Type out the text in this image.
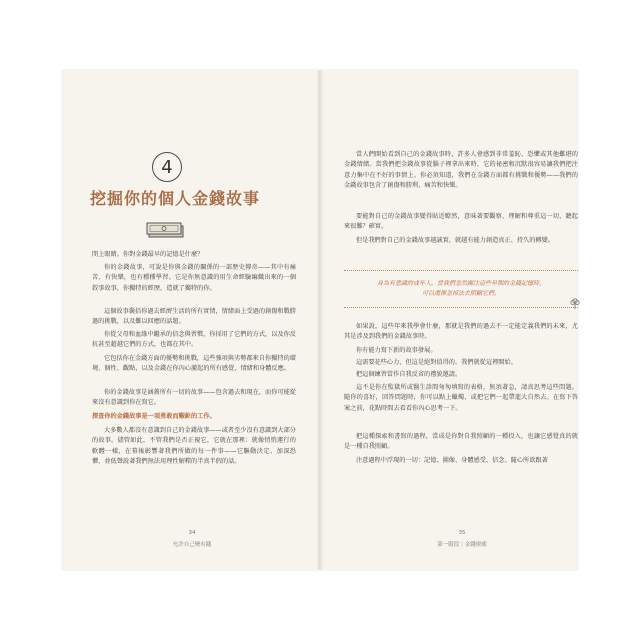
4
挖掘你的個人金錢故事

閉上眼睛。你對金錢最早的記憶是什麼？

你的金錢故事，可說是你與金錢的關係的一部歷史傳奇——其中有痛苦、有快樂，也有種種學習。它是你無意識的用生命經驗編織出來的一個敘事故事，你獨特的經歷，造就了獨特的你。

這個故事囊括你過去經濟生活的所有實情，情緒面上受過的創傷和戰勝過的挑戰，以及難以回應的話題。

你從父母和血緣中繼承的信念與習慣，你採用了它們的方式，以及你反抗甚至超越它們的方式，也都在其中。

它包括你在金錢方面的優勢和挑戰，這些強項與劣勢都來自你獨特的環境、個性、觀點，以及金錢在你內心激起的所有感覺、情緒和身體反應。

你的金錢故事是涵蓋所有一切的故事——包含過去和現在，而你可能從來沒有意識到你在寫它。

探查你的金錢故事是一項勇敢而艱鉅的工作。

大多數人都沒有意識到自己的金錢故事——或者至少沒有意識到大部分的故事。儘管如此，不管我們是否正視它，它就在那裡：就像悄悄運行的軟體一樣，在幕後影響著我們所做的每一件事——它驅動決定、加深恐懼，並低聲說著我們無法用理性解釋的半真半假的話。

34
允許自己變有錢

當人們開始看到自己的金錢故事時，許多人會感到非常羞恥、恐懼或其他難堪的金錢情緒。當我們把金錢故事從腦子裡拿出來時，它的祕密和沉默很容易讓我們把注意力集中在不好的事情上。你必須知道，我們在金錢方面都有挑戰和優勢——我們的金錢故事包含了創傷和勝利、痛苦和快樂。

要能對自己的金錢故事變得貼近瞭然，意味著要觀察、理解和尊重這一切，聽起來很難？確實。

但是我們對自己的金錢故事越誠實，就越有能力創造真正、持久的轉變。

身為有意識的成年人，當我們忽然關注這些早期的金錢記憶時，
可以選擇忽掉法去照顧它們。

如果說，這些年來我學會什麼，那就是我們的過去不一定能定義我們的未來，尤其是涉及到我們的金錢故事時。

你有能力寫下新的故事發展。

這需要花些心力，但這是絕對值得的。我們就從這裡開始。

把這個練習當作自我反省的禮貌邀請。

這不是你在監獄所或醫生診間匆匆填寫的表格，無須著急，請真思考這些問題。隨你的喜好，回答問題時，你可以點上蠟燭，或把它們一起帶進大自然去。在寫下答案之前，花點時間去看看你內心思考一下。

把這種探索和書寫的過程，當成是你對自我照顧的一種投入，也讓它感覺真的就是一種自我照顧。

注意過程中浮現的一切：記憶、圖像、身體感受、信念。隨心所欲跟著

35
第一階段｜金錢療癒
